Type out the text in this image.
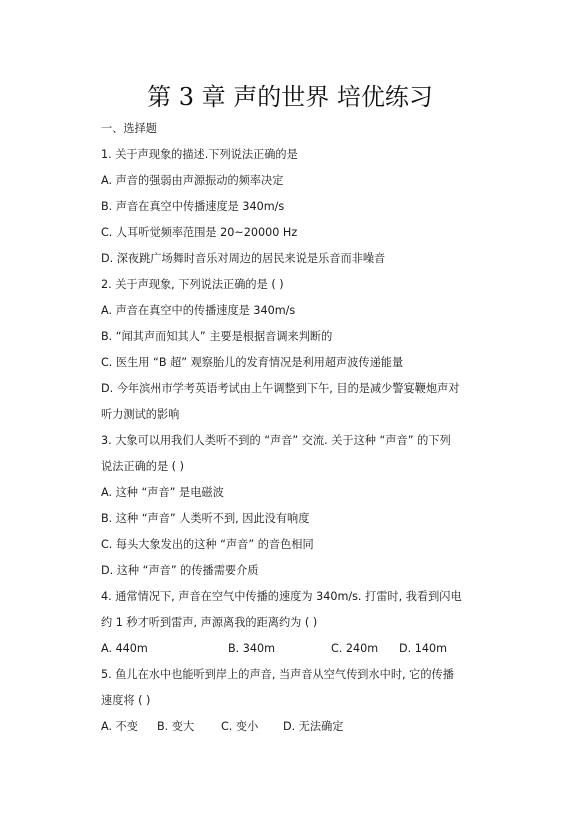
第 3 章 声的世界 培优练习
一、选择题
1. 关于声现象的描述.下列说法正确的是
A. 声音的强弱由声源振动的频率决定
B. 声音在真空中传播速度是 340m/s
C. 人耳听觉频率范围是 20~20000 Hz
D. 深夜跳广场舞时音乐对周边的居民来说是乐音而非噪音
2. 关于声现象, 下列说法正确的是 ( )
A. 声音在真空中的传播速度是 340m/s
B. “闻其声而知其人” 主要是根据音调来判断的
C. 医生用 “B 超” 观察胎儿的发育情况是利用超声波传递能量
D. 今年滨州市学考英语考试由上午调整到下午, 目的是减少警宴鞭炮声对
听力测试的影响
3. 大象可以用我们人类听不到的 “声音” 交流. 关于这种 “声音” 的下列
说法正确的是 ( )
A. 这种 “声音” 是电磁波
B. 这种 “声音” 人类听不到, 因此没有响度
C. 每头大象发出的这种 “声音” 的音色相同
D. 这种 “声音” 的传播需要介质
4. 通常情况下, 声音在空气中传播的速度为 340m/s. 打雷时, 我看到闪电
约 1 秒才听到雷声, 声源离我的距离约为 ( )
A. 440m	B. 340m	C. 240m D. 140m
5. 鱼儿在水中也能听到岸上的声音, 当声音从空气传到水中时, 它的传播
速度将 ( )
A. 不变 B. 变大 C. 变小 D. 无法确定
